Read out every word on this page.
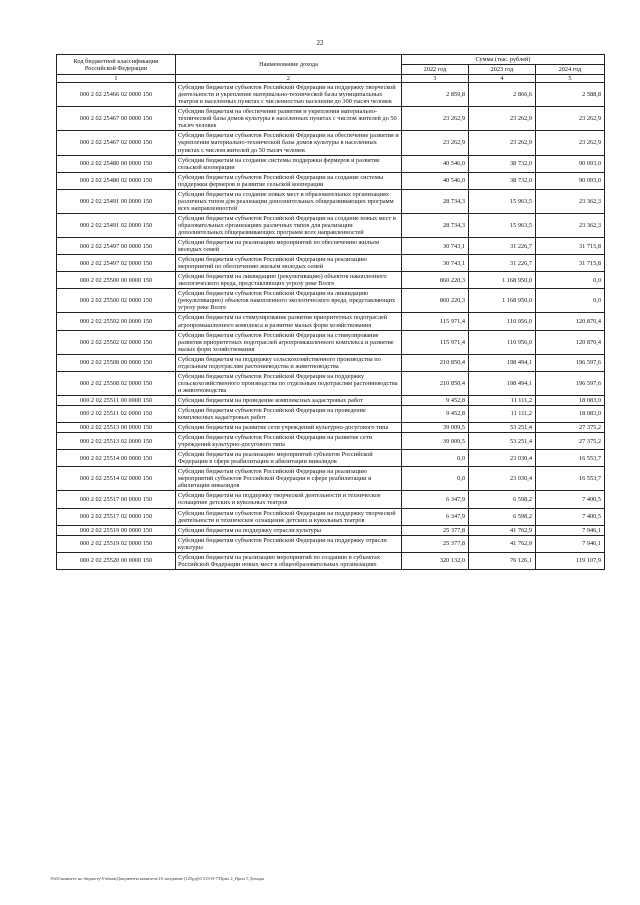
22
Код бюджетной классификации Российской Федерации	Наименование дохода	Сумма (тыс. рублей)		
		2022 год	2023 год	2024 год
1	2	3	4	5
000 2 02 25466 02 0000 150	Субсидии бюджетам субъектов Российской Федерации на поддержку творческой деятельности и укрепление материально-технической базы муниципальных театров в населенных пунктах с численностью населения до 300 тысяч человек	2 859,8	2 866,6	2 588,8
000 2 02 25467 00 0000 150	Субсидии бюджетам на обеспечение развития и укрепления материально-технической базы домов культуры в населенных пунктах с числом жителей до 50 тысяч человек	23 262,9	23 262,9	23 262,9
000 2 02 25467 02 0000 150	Субсидии бюджетам субъектов Российской Федерации на обеспечение развития и укрепления материально-технической базы домов культуры в населенных пунктах с числом жителей до 50 тысяч человек	23 262,9	23 262,9	23 262,9
000 2 02 25480 00 0000 150	Субсидии бюджетам на создание системы поддержки фермеров и развитие сельской кооперации	40 546,0	38 732,0	90 093,0
000 2 02 25480 02 0000 150	Субсидии бюджетам субъектов Российской Федерации на создание системы поддержки фермеров и развитие сельской кооперации	40 546,0	38 732,0	90 093,0
000 2 02 25491 00 0000 150	Субсидии бюджетам на создание новых мест в образовательных организациях различных типов для реализации дополнительных общеразвивающих программ всех направленностей	28 734,3	15 963,5	23 362,3
000 2 02 25491 02 0000 150	Субсидии бюджетам субъектов Российской Федерации на создание новых мест в образовательных организациях различных типов для реализации дополнительных общеразвивающих программ всех направленностей	28 734,3	15 963,5	23 362,3
000 2 02 25497 00 0000 150	Субсидии бюджетам на реализацию мероприятий по обеспечению жильем молодых семей	30 743,1	31 226,7	31 715,8
000 2 02 25497 02 0000 150	Субсидии бюджетам субъектов Российской Федерации на реализацию мероприятий по обеспечению жильем молодых семей	30 743,1	31 226,7	31 715,8
000 2 02 25500 00 0000 150	Субсидии бюджетам на ликвидацию (рекультивацию) объектов накопленного экологического вреда, представляющих угрозу реке Волге	860 220,3	1 168 950,0	0,0
000 2 02 25500 02 0000 150	Субсидии бюджетам субъектов Российской Федерации на ликвидацию (рекультивацию) объектов накопленного экологического вреда, представляющих угрозу реке Волге	860 220,3	1 168 950,0	0,0
000 2 02 25502 00 0000 150	Субсидии бюджетам на стимулирование развития приоритетных подотраслей агропромышленного комплекса и развитие малых форм хозяйствования	115 971,4	110 956,0	120 870,4
000 2 02 25502 02 0000 150	Субсидии бюджетам субъектов Российской Федерации на стимулирование развития приоритетных подотраслей агропромышленного комплекса и развитие малых форм хозяйствования	115 971,4	110 956,0	120 870,4
000 2 02 25508 00 0000 150	Субсидии бюджетам на поддержку сельскохозяйственного производства по отдельным подотраслям растениеводства и животноводства	210 850,4	198 494,1	196 597,6
000 2 02 25508 02 0000 150	Субсидии бюджетам субъектов Российской Федерации на поддержку сельскохозяйственного производства по отдельным подотраслям растениеводства и животноводства	210 850,4	198 494,1	196 597,6
000 2 02 25511 00 0000 150	Субсидии бюджетам на проведение комплексных кадастровых работ	9 452,8	11 111,2	18 083,0
000 2 02 25511 02 0000 150	Субсидии бюджетам субъектов Российской Федерации на проведение комплексных кадастровых работ	9 452,8	11 111,2	18 083,0
000 2 02 25513 00 0000 150	Субсидии бюджетам на развитие сети учреждений культурно-досугового типа	39 009,5	53 251,4	27 375,2
000 2 02 25513 02 0000 150	Субсидии бюджетам субъектов Российской Федерации на развитие сети учреждений культурно-досугового типа	39 009,5	53 251,4	27 375,2
000 2 02 25514 00 0000 150	Субсидии бюджетам на реализацию мероприятий субъектов Российской Федерации в сфере реабилитации и абилитации инвалидов	0,0	23 030,4	16 553,7
000 2 02 25514 02 0000 150	Субсидии бюджетам субъектов Российской Федерации на реализацию мероприятий субъектов Российской Федерации в сфере реабилитации и абилитации инвалидов	0,0	23 030,4	16 553,7
000 2 02 25517 00 0000 150	Субсидии бюджетам на поддержку творческой деятельности и техническое оснащение детских и кукольных театров	6 347,9	6 598,2	7 400,5
000 2 02 25517 02 0000 150	Субсидии бюджетам субъектов Российской Федерации на поддержку творческой деятельности и техническое оснащение детских и кукольных театров	6 347,9	6 598,2	7 400,5
000 2 02 25519 00 0000 150	Субсидии бюджетам на поддержку отрасли культуры	25 377,8	41 762,9	7 946,1
000 2 02 25519 02 0000 150	Субсидии бюджетам субъектов Российской Федерации на поддержку отрасли культуры	25 377,8	41 762,9	7 946,1
000 2 02 25520 00 0000 150	Субсидии бюджетам на реализацию мероприятий по созданию в субъектах Российской Федерации новых мест в общеобразовательных организациях	320 132,0	76 126,1	119 107,9
\Fs01\комитет по бюджету\Учёная\Документы комитета\10 заседание (125рд)\0 315-II-7\Прил 2_Прил 5 Доходы
